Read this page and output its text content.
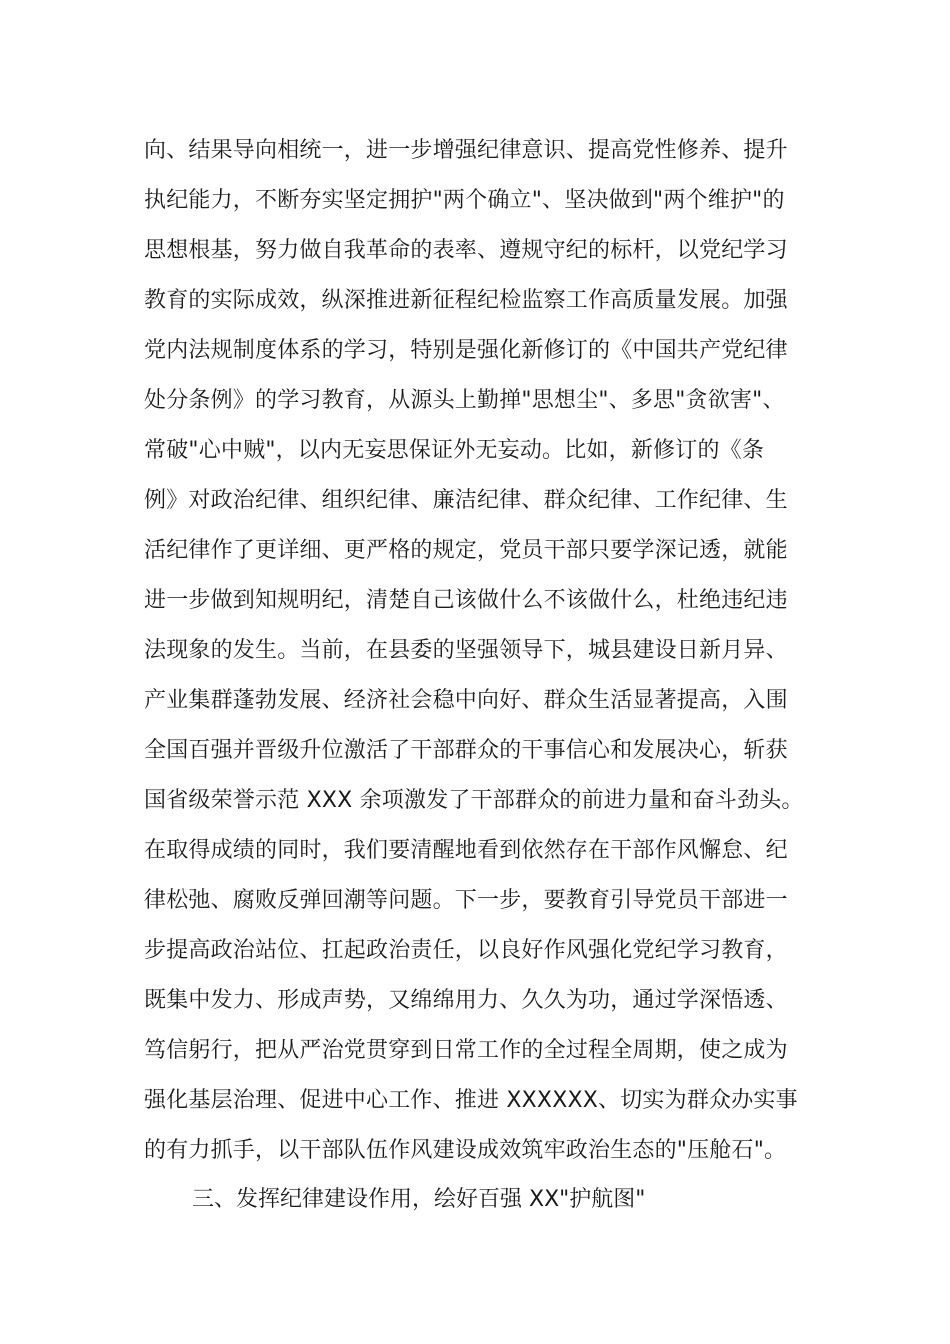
向、结果导向相统一，进一步增强纪律意识、提高党性修养、提升
执纪能力，不断夯实坚定拥护"两个确立"、坚决做到"两个维护"的
思想根基，努力做自我革命的表率、遵规守纪的标杆，以党纪学习
教育的实际成效，纵深推进新征程纪检监察工作高质量发展。加强
党内法规制度体系的学习，特别是强化新修订的《中国共产党纪律
处分条例》的学习教育，从源头上勤掸"思想尘"、多思"贪欲害"、
常破"心中贼"，以内无妄思保证外无妄动。比如，新修订的《条
例》对政治纪律、组织纪律、廉洁纪律、群众纪律、工作纪律、生
活纪律作了更详细、更严格的规定，党员干部只要学深记透，就能
进一步做到知规明纪，清楚自己该做什么不该做什么，杜绝违纪违
法现象的发生。当前，在县委的坚强领导下，城县建设日新月异、
产业集群蓬勃发展、经济社会稳中向好、群众生活显著提高，入围
全国百强并晋级升位激活了干部群众的干事信心和发展决心，斩获
国省级荣誉示范 XXX 余项激发了干部群众的前进力量和奋斗劲头。
在取得成绩的同时，我们要清醒地看到依然存在干部作风懈怠、纪
律松弛、腐败反弹回潮等问题。下一步，要教育引导党员干部进一
步提高政治站位、扛起政治责任，以良好作风强化党纪学习教育，
既集中发力、形成声势，又绵绵用力、久久为功，通过学深悟透、
笃信躬行，把从严治党贯穿到日常工作的全过程全周期，使之成为
强化基层治理、促进中心工作、推进 XXXXXX、切实为群众办实事
的有力抓手，以干部队伍作风建设成效筑牢政治生态的"压舱石"。
三、发挥纪律建设作用，绘好百强 XX"护航图"
